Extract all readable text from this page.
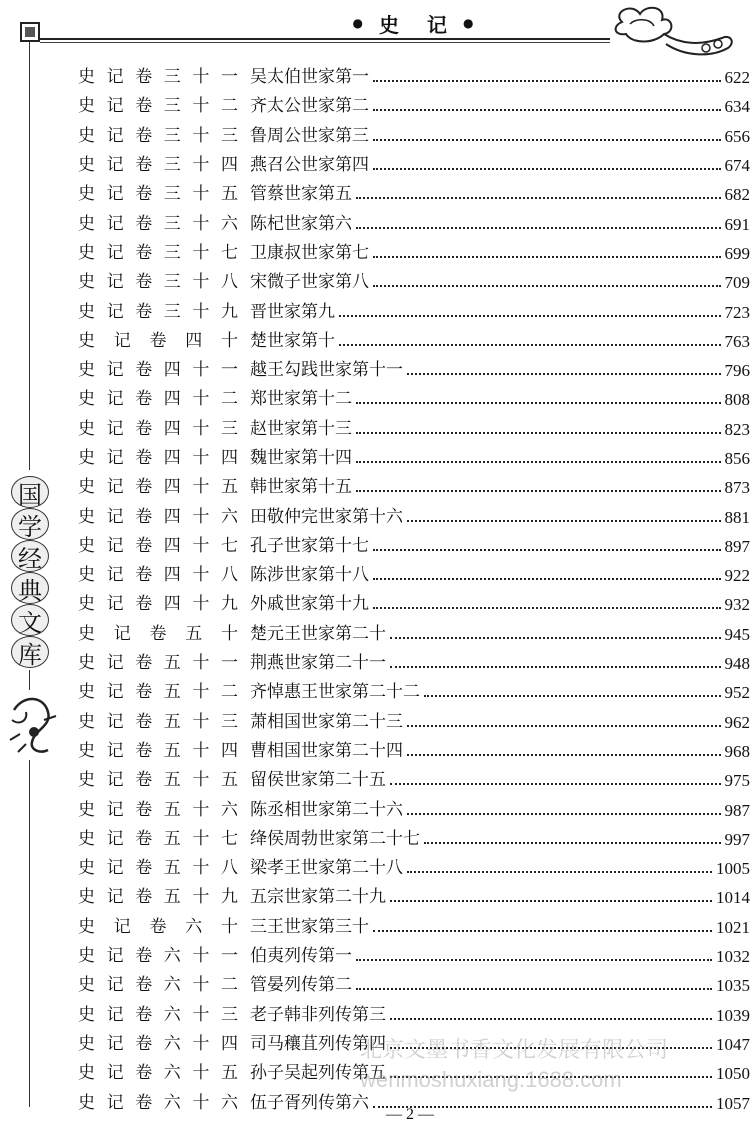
● 史　记 ●
国
学
经
典
文
库
史 记 卷 三 十 一 吴太伯世家第一	622
史 记 卷 三 十 二 齐太公世家第二	634
史 记 卷 三 十 三 鲁周公世家第三	656
史 记 卷 三 十 四 燕召公世家第四	674
史 记 卷 三 十 五 管蔡世家第五	682
史 记 卷 三 十 六 陈杞世家第六	691
史 记 卷 三 十 七 卫康叔世家第七	699
史 记 卷 三 十 八 宋微子世家第八	709
史 记 卷 三 十 九 晋世家第九	723
史 记 卷 四 十 楚世家第十	763
史 记 卷 四 十 一 越王勾践世家第十一	796
史 记 卷 四 十 二 郑世家第十二	808
史 记 卷 四 十 三 赵世家第十三	823
史 记 卷 四 十 四 魏世家第十四	856
史 记 卷 四 十 五 韩世家第十五	873
史 记 卷 四 十 六 田敬仲完世家第十六	881
史 记 卷 四 十 七 孔子世家第十七	897
史 记 卷 四 十 八 陈涉世家第十八	922
史 记 卷 四 十 九 外戚世家第十九	932
史 记 卷 五 十 楚元王世家第二十	945
史 记 卷 五 十 一 荆燕世家第二十一	948
史 记 卷 五 十 二 齐悼惠王世家第二十二	952
史 记 卷 五 十 三 萧相国世家第二十三	962
史 记 卷 五 十 四 曹相国世家第二十四	968
史 记 卷 五 十 五 留侯世家第二十五	975
史 记 卷 五 十 六 陈丞相世家第二十六	987
史 记 卷 五 十 七 绛侯周勃世家第二十七	997
史 记 卷 五 十 八 梁孝王世家第二十八	1005
史 记 卷 五 十 九 五宗世家第二十九	1014
史 记 卷 六 十 三王世家第三十	1021
史 记 卷 六 十 一 伯夷列传第一	1032
史 记 卷 六 十 二 管晏列传第二	1035
史 记 卷 六 十 三 老子韩非列传第三	1039
史 记 卷 六 十 四 司马穰苴列传第四	1047
史 记 卷 六 十 五 孙子吴起列传第五	1050
史 记 卷 六 十 六 伍子胥列传第六	1057
北京文墨书香文化发展有限公司
wenmoshuxiang.1688.com
— 2 —
